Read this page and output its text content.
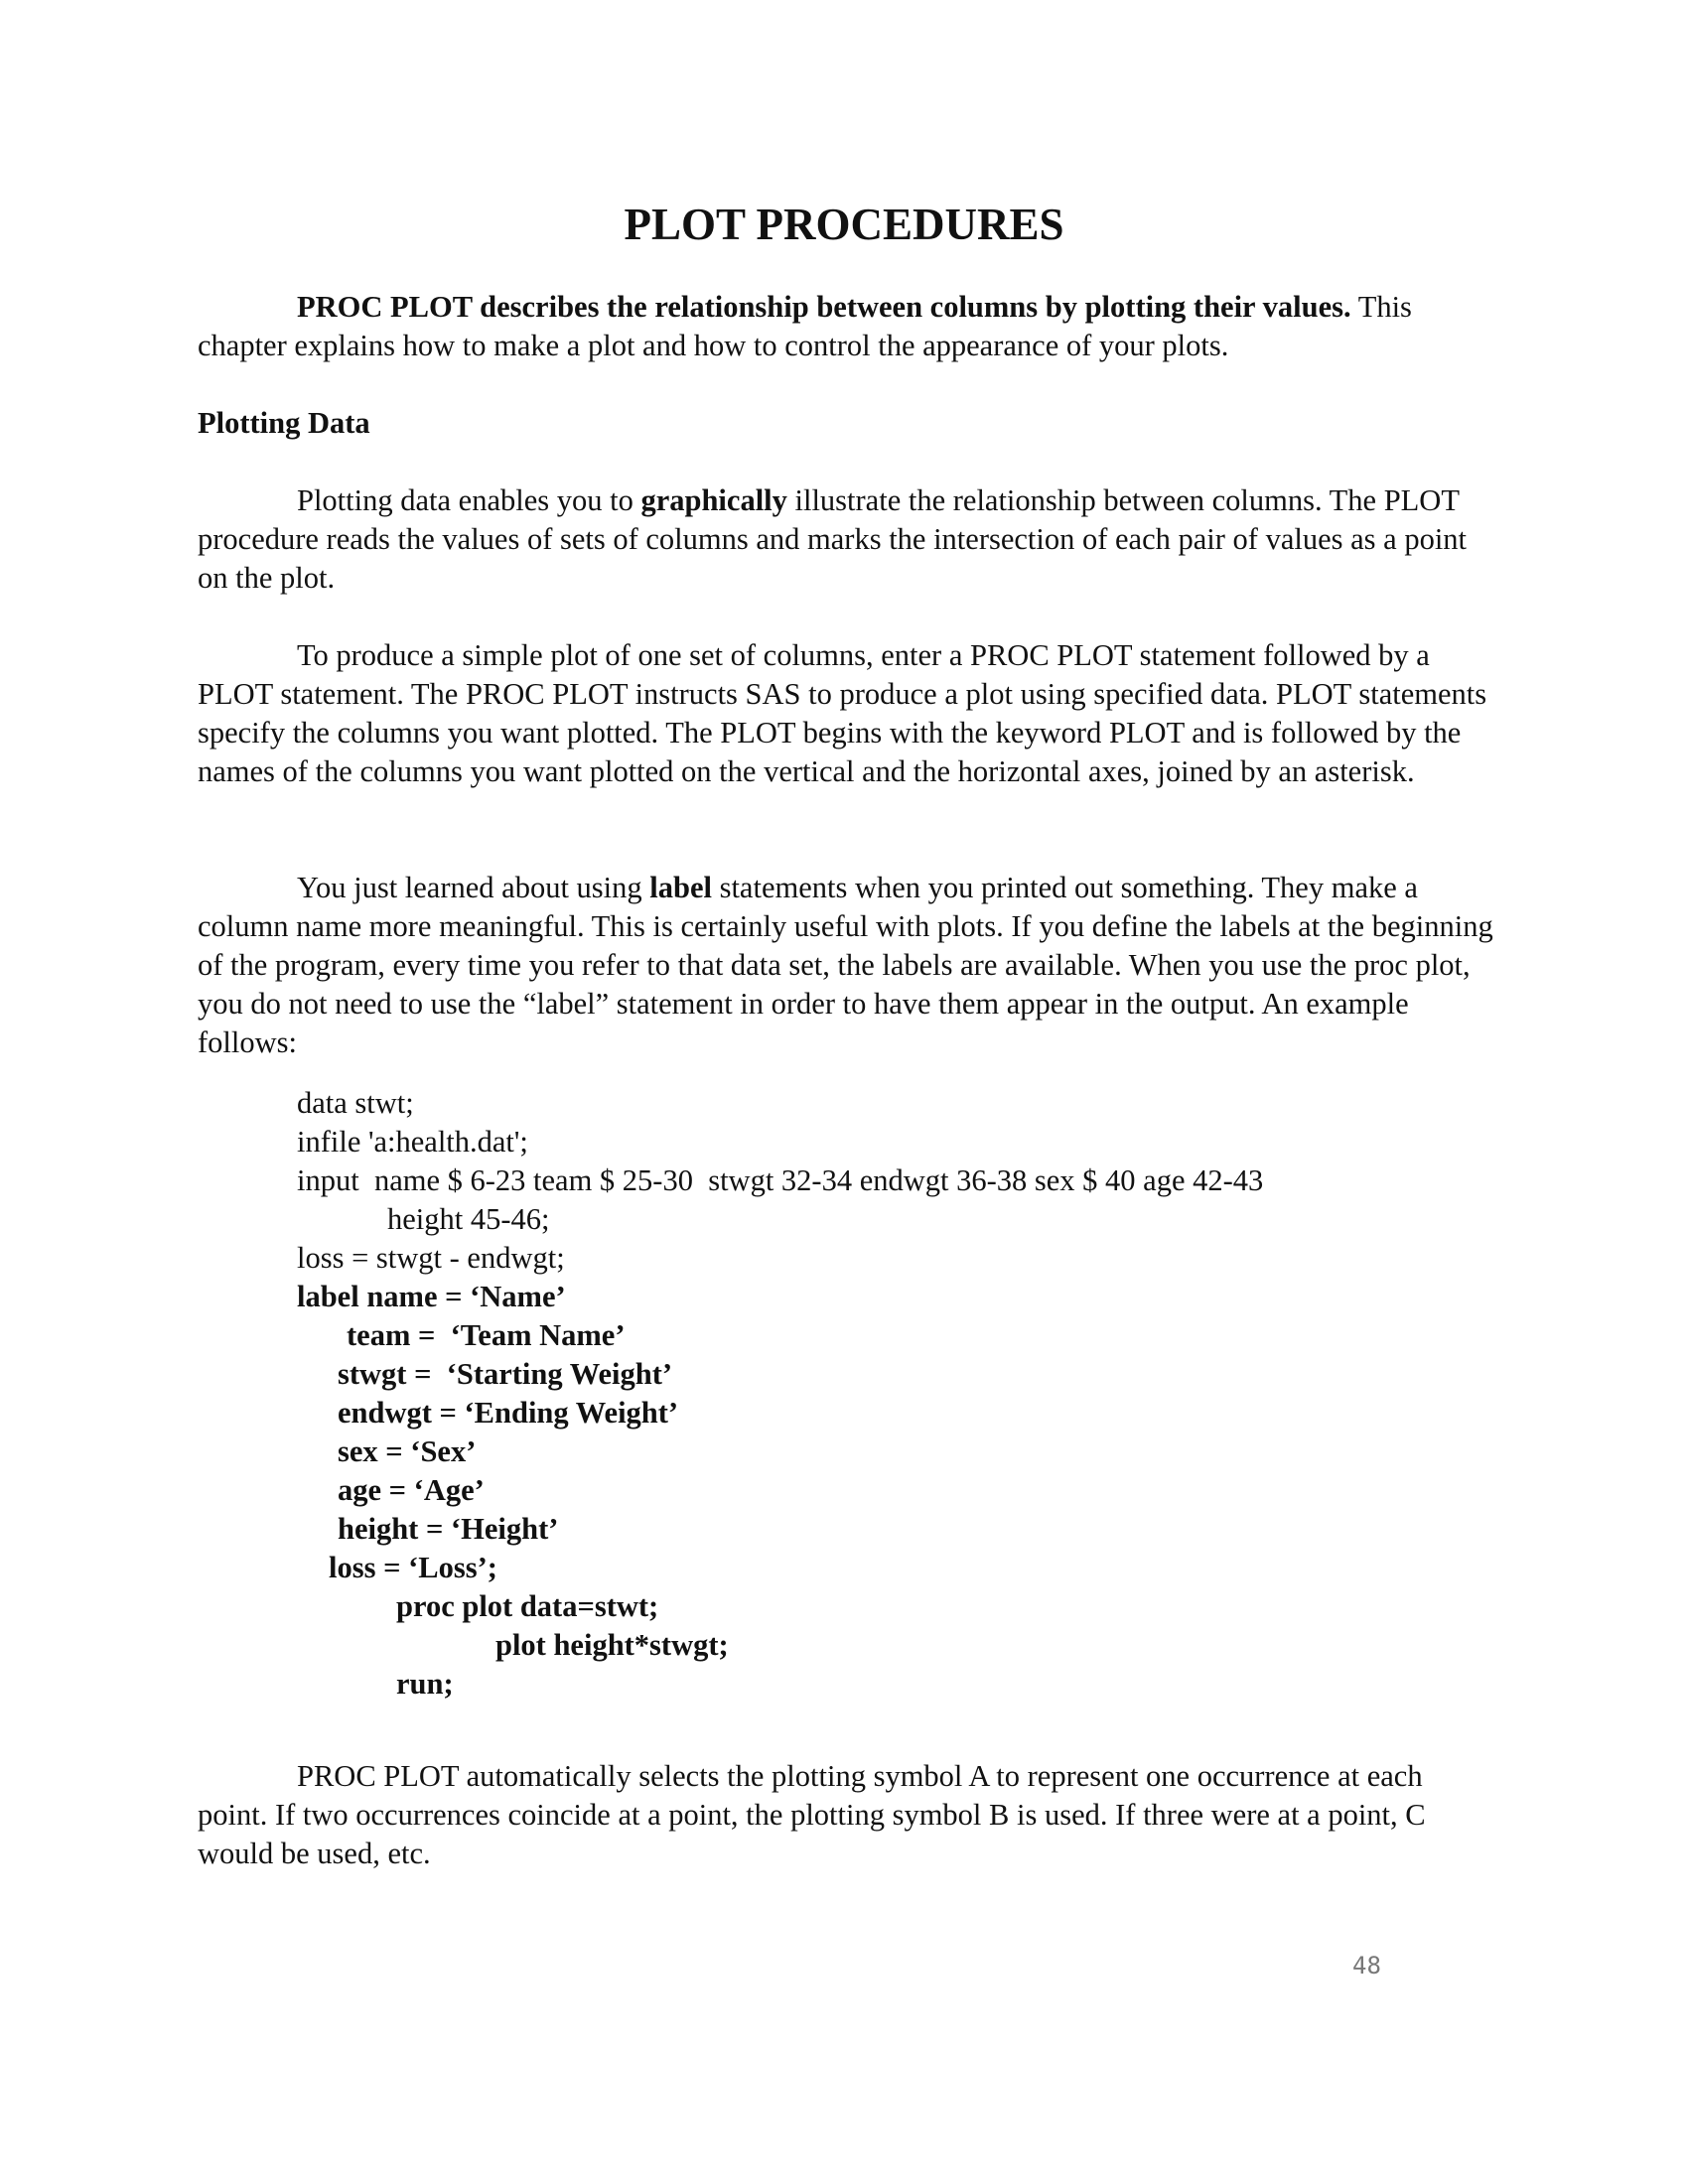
PLOT PROCEDURES

PROC PLOT describes the relationship between columns by plotting their values. This chapter explains how to make a plot and how to control the appearance of your plots.

Plotting Data

Plotting data enables you to graphically illustrate the relationship between columns. The PLOT procedure reads the values of sets of columns and marks the intersection of each pair of values as a point on the plot.

To produce a simple plot of one set of columns, enter a PROC PLOT statement followed by a PLOT statement. The PROC PLOT instructs SAS to produce a plot using specified data. PLOT statements specify the columns you want plotted. The PLOT begins with the keyword PLOT and is followed by the names of the columns you want plotted on the vertical and the horizontal axes, joined by an asterisk.

You just learned about using label statements when you printed out something. They make a column name more meaningful. This is certainly useful with plots. If you define the labels at the beginning of the program, every time you refer to that data set, the labels are available. When you use the proc plot, you do not need to use the “label” statement in order to have them appear in the output. An example follows:

data stwt;
infile 'a:health.dat';
input  name $ 6-23 team $ 25-30  stwgt 32-34 endwgt 36-38 sex $ 40 age 42-43
height 45-46;
loss = stwgt - endwgt;
label name = ‘Name’
team =  ‘Team Name’
stwgt =  ‘Starting Weight’
endwgt = ‘Ending Weight’
sex = ‘Sex’
age = ‘Age’
height = ‘Height’
loss = ‘Loss’;
proc plot data=stwt;
plot height*stwgt;
run;

PROC PLOT automatically selects the plotting symbol A to represent one occurrence at each point. If two occurrences coincide at a point, the plotting symbol B is used. If three were at a point, C would be used, etc.

48
